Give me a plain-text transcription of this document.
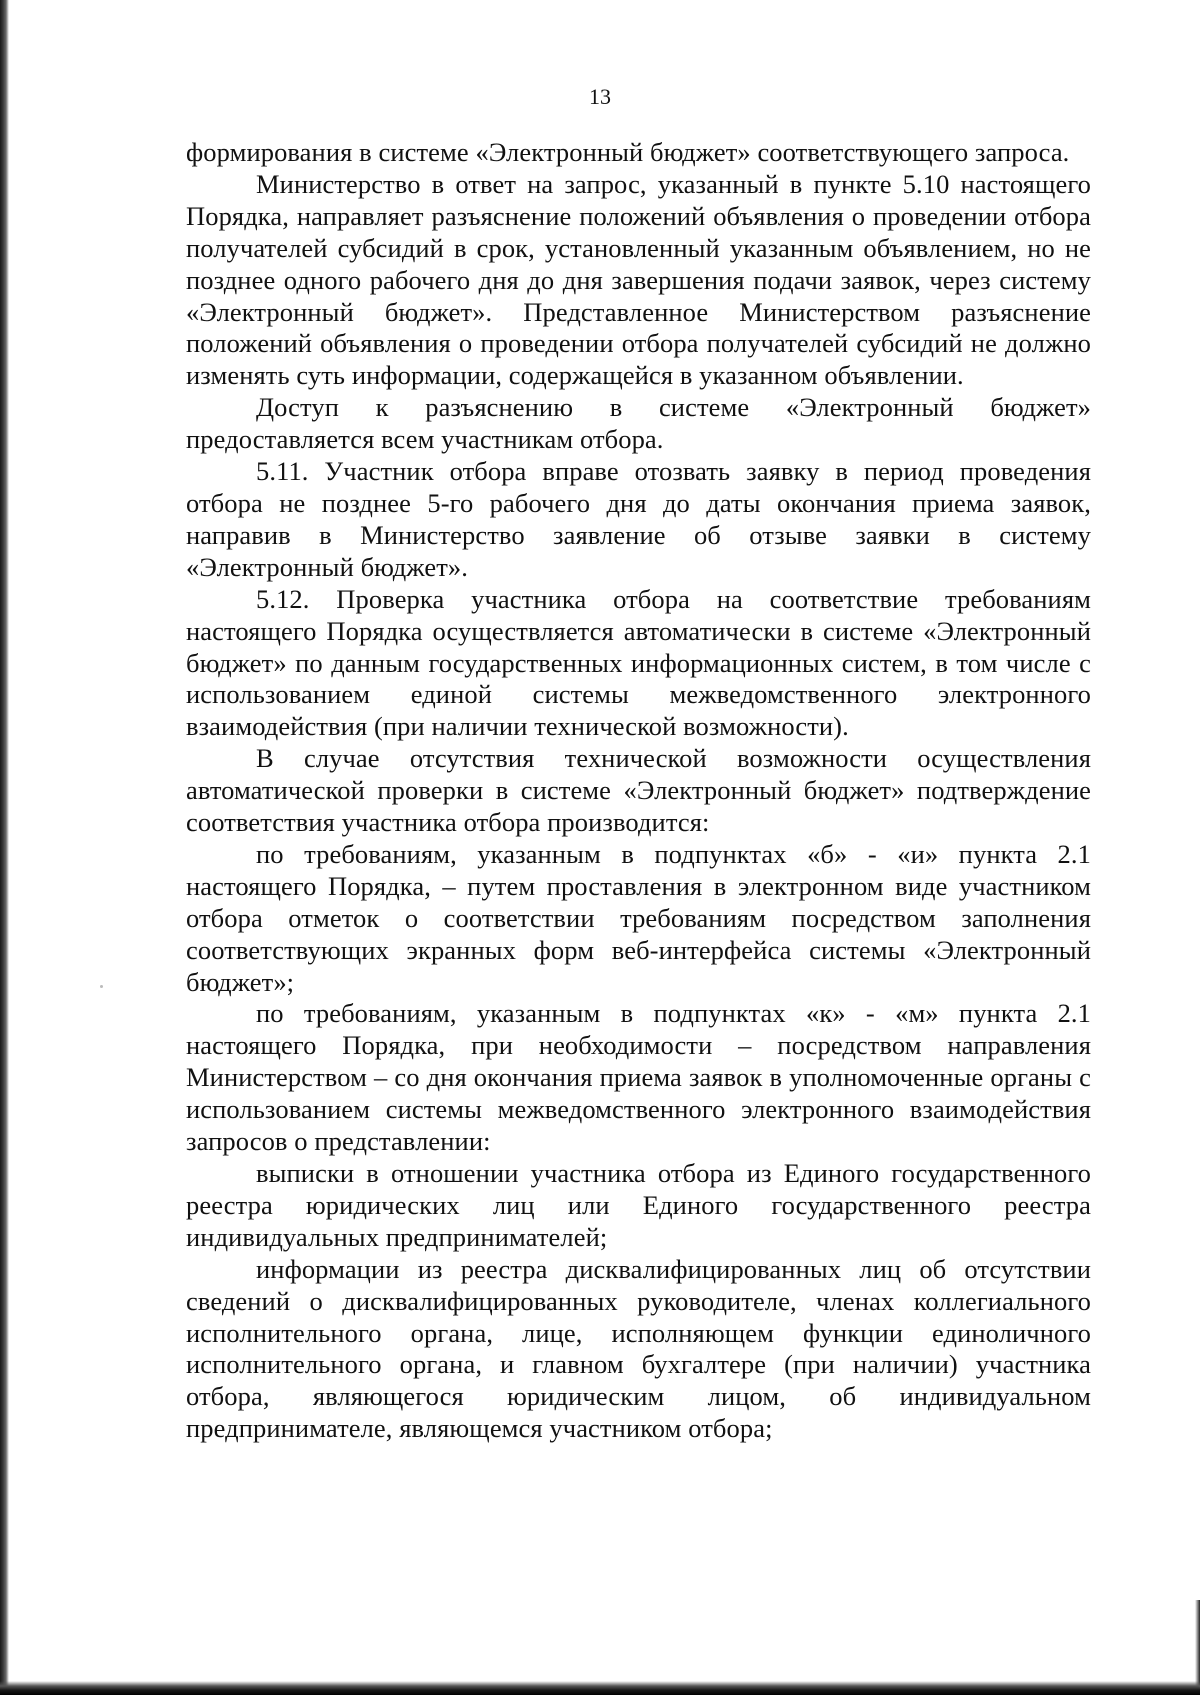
13

формирования в системе «Электронный бюджет» соответствующего запроса.

Министерство в ответ на запрос, указанный в пункте 5.10 настоящего Порядка, направляет разъяснение положений объявления о проведении отбора получателей субсидий в срок, установленный указанным объявлением, но не позднее одного рабочего дня до дня завершения подачи заявок, через систему «Электронный бюджет». Представленное Министерством разъяснение положений объявления о проведении отбора получателей субсидий не должно изменять суть информации, содержащейся в указанном объявлении.

Доступ к разъяснению в системе «Электронный бюджет» предоставляется всем участникам отбора.

5.11. Участник отбора вправе отозвать заявку в период проведения отбора не позднее 5-го рабочего дня до даты окончания приема заявок, направив в Министерство заявление об отзыве заявки в систему «Электронный бюджет».

5.12. Проверка участника отбора на соответствие требованиям настоящего Порядка осуществляется автоматически в системе «Электронный бюджет» по данным государственных информационных систем, в том числе с использованием единой системы межведомственного электронного взаимодействия (при наличии технической возможности).

В случае отсутствия технической возможности осуществления автоматической проверки в системе «Электронный бюджет» подтверждение соответствия участника отбора производится:

по требованиям, указанным в подпунктах «б» - «и» пункта 2.1 настоящего Порядка, – путем проставления в электронном виде участником отбора отметок о соответствии требованиям посредством заполнения соответствующих экранных форм веб-интерфейса системы «Электронный бюджет»;

по требованиям, указанным в подпунктах «к» - «м» пункта 2.1 настоящего Порядка, при необходимости – посредством направления Министерством – со дня окончания приема заявок в уполномоченные органы с использованием системы межведомственного электронного взаимодействия запросов о представлении:

выписки в отношении участника отбора из Единого государственного реестра юридических лиц или Единого государственного реестра индивидуальных предпринимателей;

информации из реестра дисквалифицированных лиц об отсутствии сведений о дисквалифицированных руководителе, членах коллегиального исполнительного органа, лице, исполняющем функции единоличного исполнительного органа, и главном бухгалтере (при наличии) участника отбора, являющегося юридическим лицом, об индивидуальном предпринимателе, являющемся участником отбора;
